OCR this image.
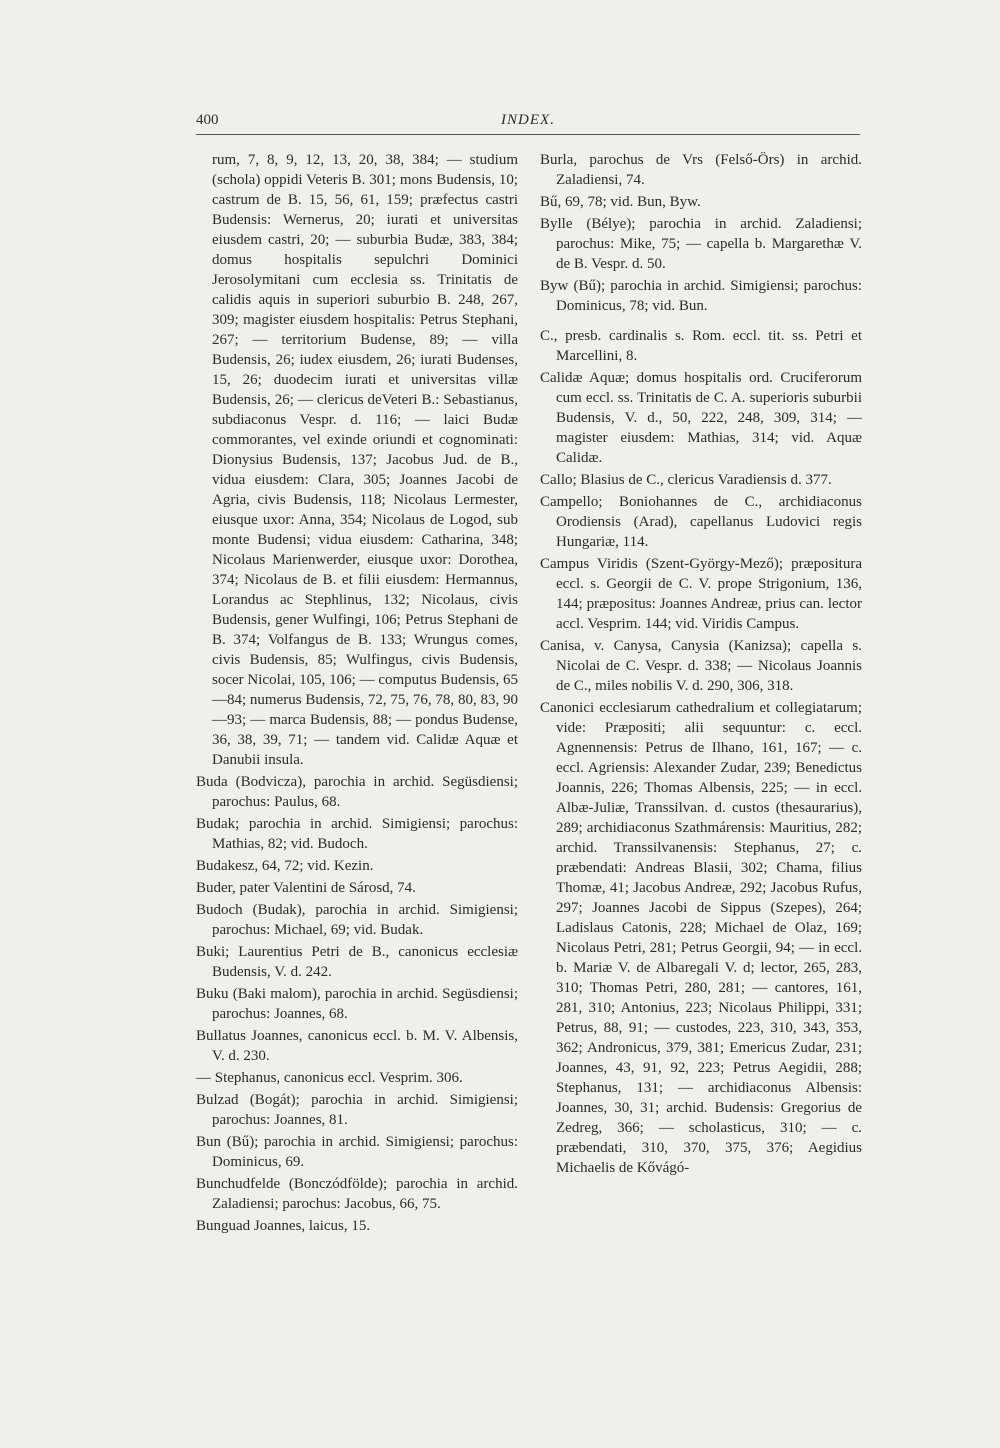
400	INDEX.

rum, 7, 8, 9, 12, 13, 20, 38, 384; — studium (schola) oppidi Veteris B. 301; mons Budensis, 10; castrum de B. 15, 56, 61, 159; præfectus castri Budensis: Wernerus, 20; iurati et universitas eiusdem castri, 20; — suburbia Budæ, 383, 384; domus hospitalis sepulchri Dominici Jerosolymitani cum ecclesia ss. Trinitatis de calidis aquis in superiori suburbio B. 248, 267, 309; magister eiusdem hospitalis: Petrus Stephani, 267; — territorium Budense, 89; — villa Budensis, 26; iudex eiusdem, 26; iurati Budenses, 15, 26; duodecim iurati et universitas villæ Budensis, 26; — clericus deVeteri B.: Sebastianus, subdiaconus Vespr. d. 116; — laici Budæ commorantes, vel exinde oriundi et cognominati: Dionysius Budensis, 137; Jacobus Jud. de B., vidua eiusdem: Clara, 305; Joannes Jacobi de Agria, civis Budensis, 118; Nicolaus Lermester, eiusque uxor: Anna, 354; Nicolaus de Logod, sub monte Budensi; vidua eiusdem: Catharina, 348; Nicolaus Marienwerder, eiusque uxor: Dorothea, 374; Nicolaus de B. et filii eiusdem: Hermannus, Lorandus ac Stephlinus, 132; Nicolaus, civis Budensis, gener Wulfingi, 106; Petrus Stephani de B. 374; Volfangus de B. 133; Wrungus comes, civis Budensis, 85; Wulfingus, civis Budensis, socer Nicolai, 105, 106; — computus Budensis, 65—84; numerus Budensis, 72, 75, 76, 78, 80, 83, 90—93; — marca Budensis, 88; — pondus Budense, 36, 38, 39, 71; — tandem vid. Calidæ Aquæ et Danubii insula.

Buda (Bodvicza), parochia in archid. Següsdiensi; parochus: Paulus, 68.

Budak; parochia in archid. Simigiensi; parochus: Mathias, 82; vid. Budoch.

Budakesz, 64, 72; vid. Kezin.

Buder, pater Valentini de Sárosd, 74.

Budoch (Budak), parochia in archid. Simigiensi; parochus: Michael, 69; vid. Budak.

Buki; Laurentius Petri de B., canonicus ecclesiæ Budensis, V. d. 242.

Buku (Baki malom), parochia in archid. Següsdiensi; parochus: Joannes, 68.

Bullatus Joannes, canonicus eccl. b. M. V. Albensis, V. d. 230.

— Stephanus, canonicus eccl. Vesprim. 306.

Bulzad (Bogát); parochia in archid. Simigiensi; parochus: Joannes, 81.

Bun (Bű); parochia in archid. Simigiensi; parochus: Dominicus, 69.

Bunchudfelde (Bonczódfölde); parochia in archid. Zaladiensi; parochus: Jacobus, 66, 75.

Bunguad Joannes, laicus, 15.

Burla, parochus de Vrs (Felső-Örs) in archid. Zaladiensi, 74.

Bű, 69, 78; vid. Bun, Byw.

Bylle (Bélye); parochia in archid. Zaladiensi; parochus: Mike, 75; — capella b. Margarethæ V. de B. Vespr. d. 50.

Byw (Bű); parochia in archid. Simigiensi; parochus: Dominicus, 78; vid. Bun.

C., presb. cardinalis s. Rom. eccl. tit. ss. Petri et Marcellini, 8.

Calidæ Aquæ; domus hospitalis ord. Cruciferorum cum eccl. ss. Trinitatis de C. A. superioris suburbii Budensis, V. d., 50, 222, 248, 309, 314; — magister eiusdem: Mathias, 314; vid. Aquæ Calidæ.

Callo; Blasius de C., clericus Varadiensis d. 377.

Campello; Boniohannes de C., archidiaconus Orodiensis (Arad), capellanus Ludovici regis Hungariæ, 114.

Campus Viridis (Szent-György-Mező); præpositura eccl. s. Georgii de C. V. prope Strigonium, 136, 144; præpositus: Joannes Andreæ, prius can. lector accl. Vesprim. 144; vid. Viridis Campus.

Canisa, v. Canysa, Canysia (Kanizsa); capella s. Nicolai de C. Vespr. d. 338; — Nicolaus Joannis de C., miles nobilis V. d. 290, 306, 318.

Canonici ecclesiarum cathedralium et collegiatarum; vide: Præpositi; alii sequuntur: c. eccl. Agnennensis: Petrus de Ilhano, 161, 167; — c. eccl. Agriensis: Alexander Zudar, 239; Benedictus Joannis, 226; Thomas Albensis, 225; — in eccl. Albæ-Juliæ, Transsilvan. d. custos (thesaurarius), 289; archidiaconus Szathmárensis: Mauritius, 282; archid. Transsilvanensis: Stephanus, 27; c. præbendati: Andreas Blasii, 302; Chama, filius Thomæ, 41; Jacobus Andreæ, 292; Jacobus Rufus, 297; Joannes Jacobi de Sippus (Szepes), 264; Ladislaus Catonis, 228; Michael de Olaz, 169; Nicolaus Petri, 281; Petrus Georgii, 94; — in eccl. b. Mariæ V. de Albaregali V. d; lector, 265, 283, 310; Thomas Petri, 280, 281; — cantores, 161, 281, 310; Antonius, 223; Nicolaus Philippi, 331; Petrus, 88, 91; — custodes, 223, 310, 343, 353, 362; Andronicus, 379, 381; Emericus Zudar, 231; Joannes, 43, 91, 92, 223; Petrus Aegidii, 288; Stephanus, 131; — archidiaconus Albensis: Joannes, 30, 31; archid. Budensis: Gregorius de Zedreg, 366; — scholasticus, 310; — c. præbendati, 310, 370, 375, 376; Aegidius Michaelis de Kővágó-
